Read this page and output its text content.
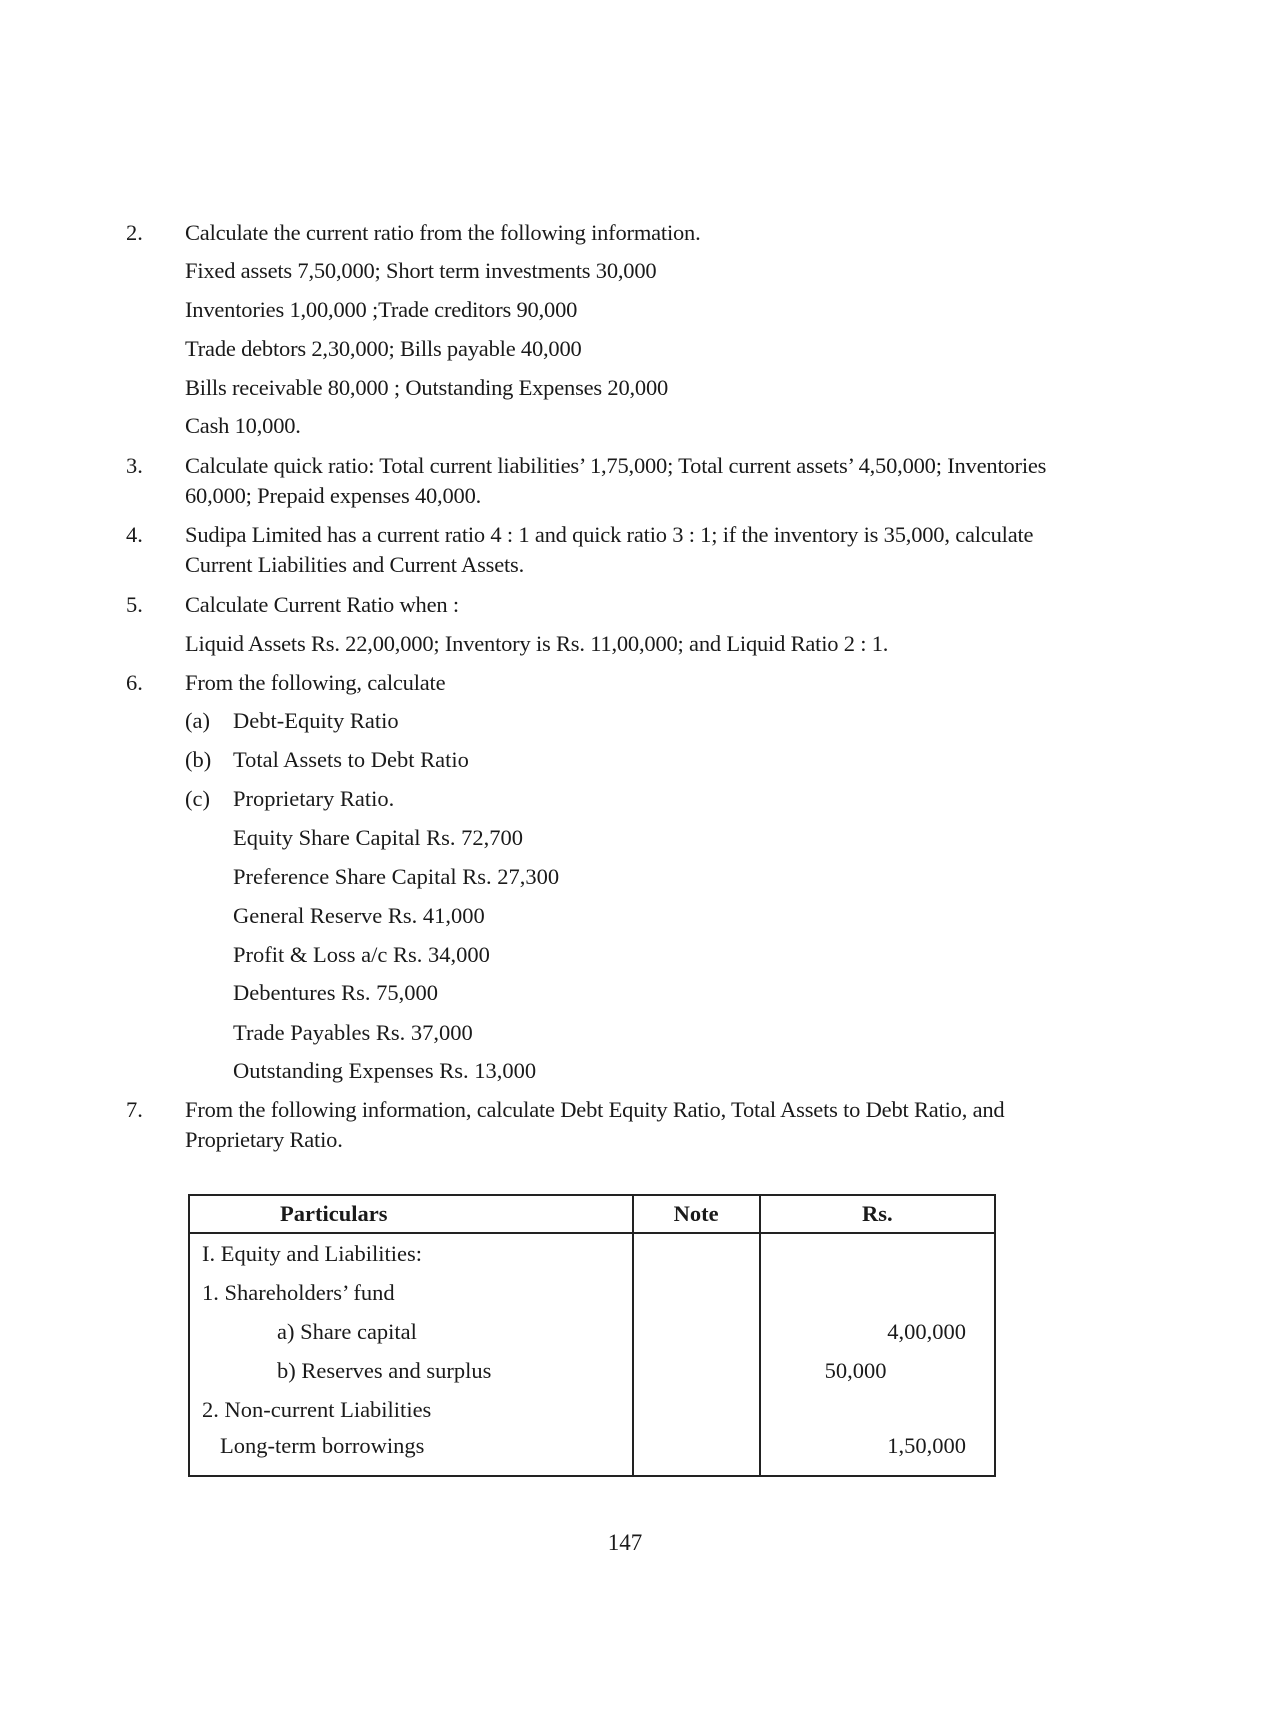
2. Calculate the current ratio from the following information.
Fixed assets 7,50,000; Short term investments 30,000
Inventories 1,00,000 ;Trade creditors 90,000
Trade debtors 2,30,000; Bills payable 40,000
Bills receivable 80,000 ; Outstanding Expenses 20,000
Cash 10,000.
3. Calculate quick ratio: Total current liabilities’ 1,75,000; Total current assets’ 4,50,000; Inventories
60,000; Prepaid expenses 40,000.
4. Sudipa Limited has a current ratio 4 : 1 and quick ratio 3 : 1; if the inventory is 35,000, calculate
Current Liabilities and Current Assets.
5. Calculate Current Ratio when :
Liquid Assets Rs. 22,00,000; Inventory is Rs. 11,00,000; and Liquid Ratio 2 : 1.
6. From the following, calculate
(a) Debt-Equity Ratio
(b) Total Assets to Debt Ratio
(c) Proprietary Ratio.
Equity Share Capital Rs. 72,700
Preference Share Capital Rs. 27,300
General Reserve Rs. 41,000
Profit & Loss a/c Rs. 34,000
Debentures Rs. 75,000
Trade Payables Rs. 37,000
Outstanding Expenses Rs. 13,000
7. From the following information, calculate Debt Equity Ratio, Total Assets to Debt Ratio, and
Proprietary Ratio.
Particulars	Note	Rs.
I. Equity and Liabilities:		
1. Shareholders’ fund		
a) Share capital		4,00,000
b) Reserves and surplus		50,000
2. Non-current Liabilities		
Long-term borrowings		1,50,000
147
